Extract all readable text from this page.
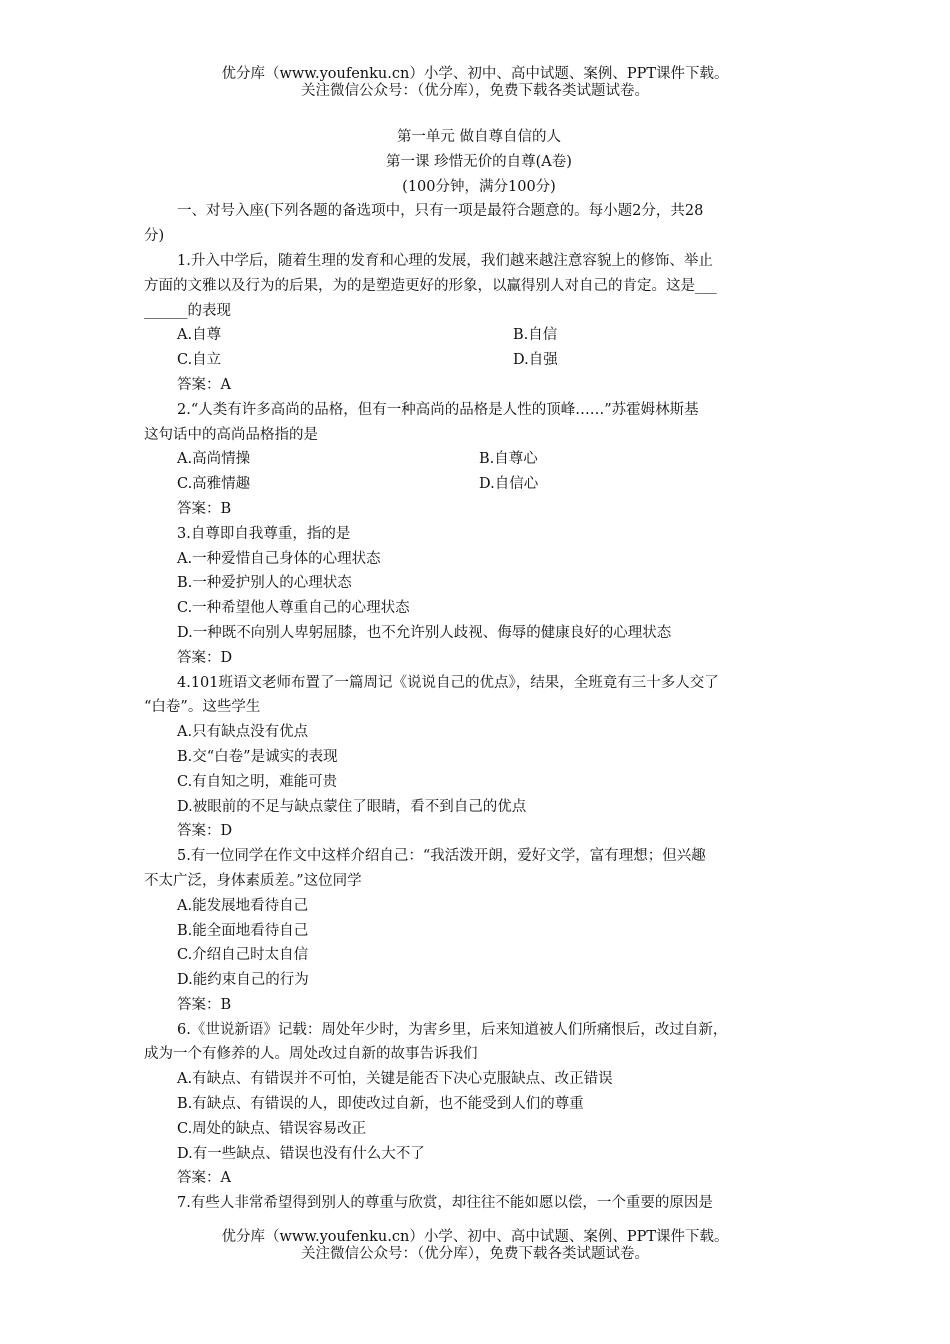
优分库（www.youfenku.cn）小学、初中、高中试题、案例、PPT课件下载。
关注微信公众号：（优分库），免费下载各类试题试卷。

第一单元 做自尊自信的人

第一课 珍惜无价的自尊(A卷)

(100分钟，满分100分)

一、对号入座(下列各题的备选项中，只有一项是最符合题意的。每小题2分，共28

分)

1.升入中学后，随着生理的发育和心理的发展，我们越来越注意容貌上的修饰、举止

方面的文雅以及行为的后果，为的是塑造更好的形象，以赢得别人对自己的肯定。这是___

______的表现

A.自尊	B.自信
C.自立	D.自强

答案：A

2.“人类有许多高尚的品格，但有一种高尚的品格是人性的顶峰……”苏霍姆林斯基

这句话中的高尚品格指的是

A.高尚情操	B.自尊心
C.高雅情趣	D.自信心

答案：B

3.自尊即自我尊重，指的是

A.一种爱惜自己身体的心理状态

B.一种爱护别人的心理状态

C.一种希望他人尊重自己的心理状态

D.一种既不向别人卑躬屈膝，也不允许别人歧视、侮辱的健康良好的心理状态

答案：D

4.101班语文老师布置了一篇周记《说说自己的优点》，结果，全班竟有三十多人交了

“白卷”。这些学生

A.只有缺点没有优点

B.交“白卷”是诚实的表现

C.有自知之明，难能可贵

D.被眼前的不足与缺点蒙住了眼睛，看不到自己的优点

答案：D

5.有一位同学在作文中这样介绍自己：“我活泼开朗，爱好文学，富有理想；但兴趣

不太广泛，身体素质差。”这位同学

A.能发展地看待自己

B.能全面地看待自己

C.介绍自己时太自信

D.能约束自己的行为

答案：B

6.《世说新语》记载：周处年少时，为害乡里，后来知道被人们所痛恨后，改过自新，

成为一个有修养的人。周处改过自新的故事告诉我们

A.有缺点、有错误并不可怕，关键是能否下决心克服缺点、改正错误

B.有缺点、有错误的人，即使改过自新，也不能受到人们的尊重

C.周处的缺点、错误容易改正

D.有一些缺点、错误也没有什么大不了

答案：A

7.有些人非常希望得到别人的尊重与欣赏，却往往不能如愿以偿，一个重要的原因是

优分库（www.youfenku.cn）小学、初中、高中试题、案例、PPT课件下载。
关注微信公众号：（优分库），免费下载各类试题试卷。
